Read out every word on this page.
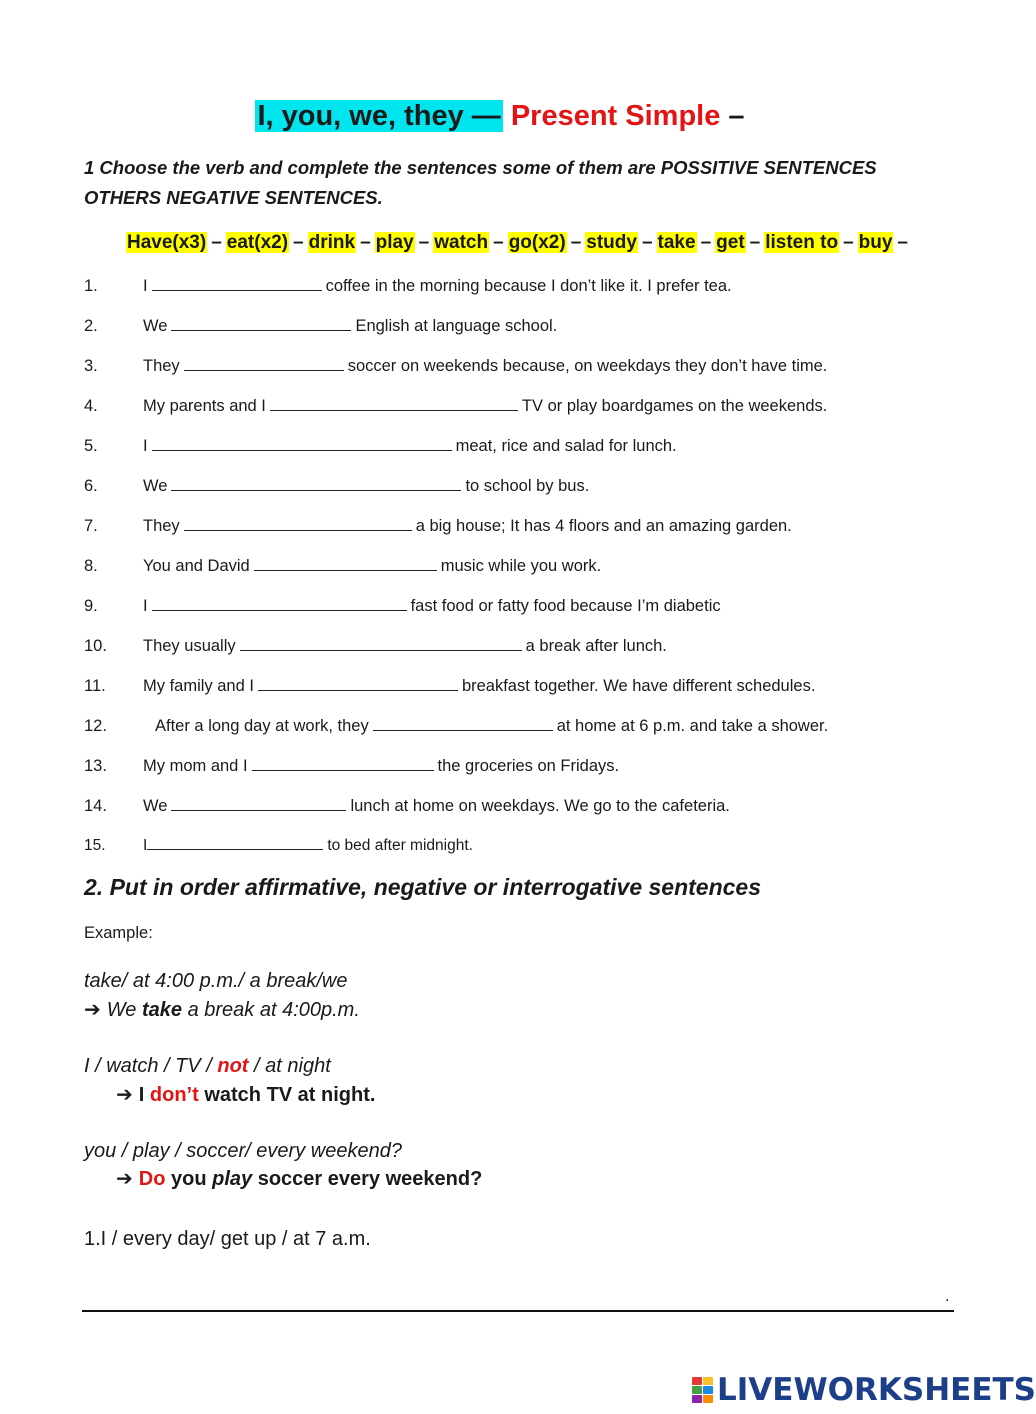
I, you, we, they — Present Simple –
1 Choose the verb and complete the sentences some of them are POSSITIVE SENTENCES OTHERS NEGATIVE SENTENCES.
Have(x3) – eat(x2) – drink – play – watch – go(x2) – study – take – get – listen to – buy –
1.	I	coffee in the morning because I don’t like it. I prefer tea.
2.	We	English at language school.
3.	They	soccer on weekends because, on weekdays they don’t have time.
4.	My parents and I	TV or play boardgames on the weekends.
5.	I	meat, rice and salad for lunch.
6.	We	to school by bus.
7.	They	a big house; It has 4 floors and an amazing garden.
8.	You and David	music while you work.
9.	I	fast food or fatty food because I’m diabetic
10. They usually	a break after lunch.
11. My family and I	breakfast together. We have different schedules.
12.	After a long day at work, they	at home at 6 p.m. and take a shower.
13. My mom and I	the groceries on Fridays.
14. We	lunch at home on weekdays. We go to the cafeteria.
15. I	to bed after midnight.
2. Put in order affirmative, negative or interrogative sentences
Example:
take/ at 4:00 p.m./ a break/we
➔ We take a break at 4:00p.m.
I / watch / TV / not / at night
➔ I don’t watch TV at night.
you / play / soccer/ every weekend?
➔ Do you play soccer every weekend?
1.I / every day/ get up / at 7 a.m.
.
LIVEWORKSHEETS
